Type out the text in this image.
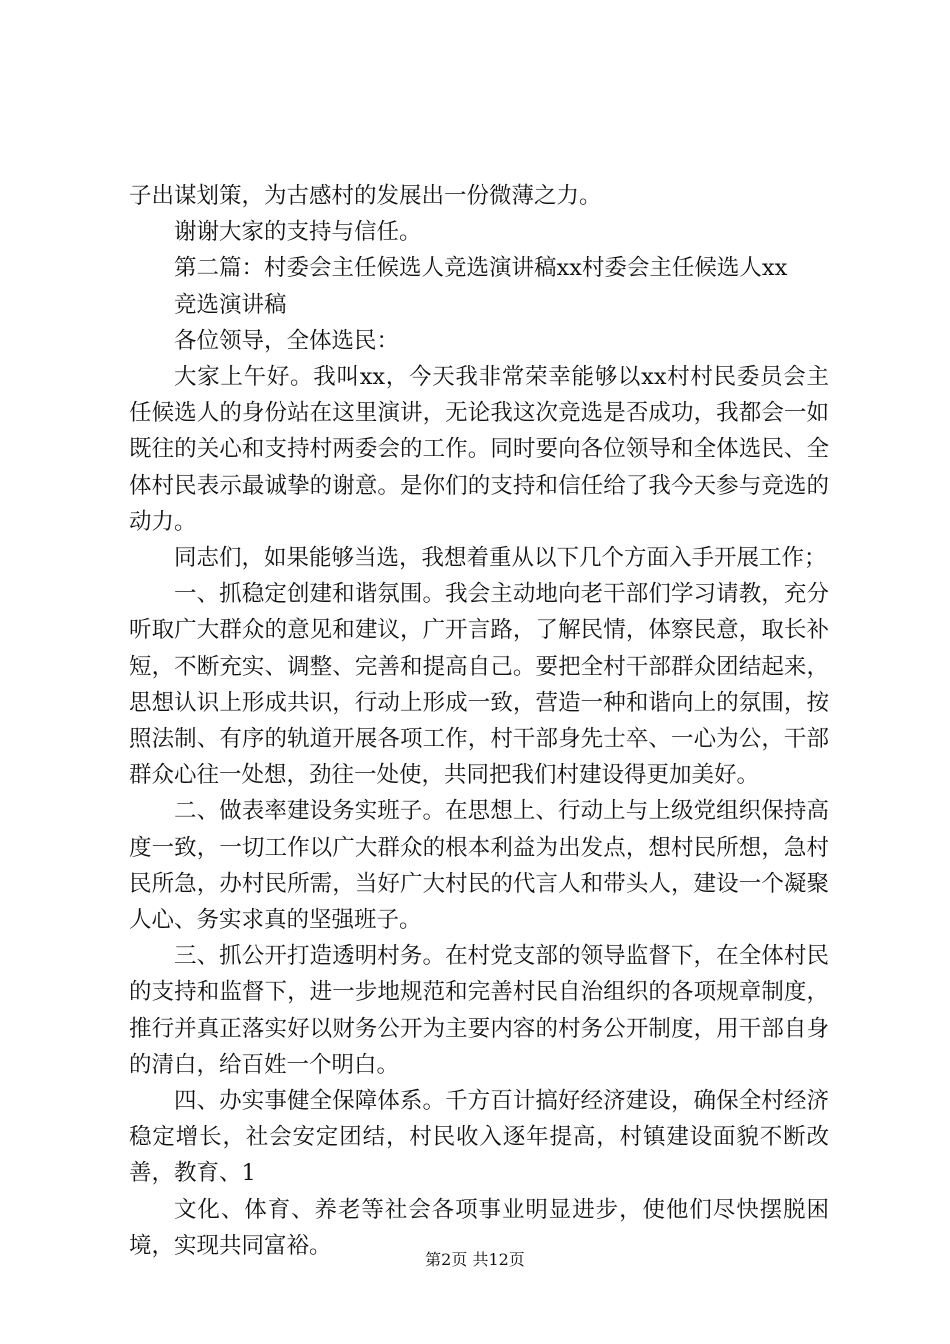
子出谋划策，为古感村的发展出一份微薄之力。

谢谢大家的支持与信任。

第二篇：村委会主任候选人竞选演讲稿xx村委会主任候选人xx

竞选演讲稿

各位领导，全体选民：

大家上午好。我叫xx，今天我非常荣幸能够以xx村村民委员会主任候选人的身份站在这里演讲，无论我这次竞选是否成功，我都会一如既往的关心和支持村两委会的工作。同时要向各位领导和全体选民、全体村民表示最诚挚的谢意。是你们的支持和信任给了我今天参与竞选的动力。

同志们，如果能够当选，我想着重从以下几个方面入手开展工作；

一、抓稳定创建和谐氛围。我会主动地向老干部们学习请教，充分听取广大群众的意见和建议，广开言路，了解民情，体察民意，取长补短，不断充实、调整、完善和提高自己。要把全村干部群众团结起来，思想认识上形成共识，行动上形成一致，营造一种和谐向上的氛围，按照法制、有序的轨道开展各项工作，村干部身先士卒、一心为公，干部群众心往一处想，劲往一处使，共同把我们村建设得更加美好。

二、做表率建设务实班子。在思想上、行动上与上级党组织保持高度一致，一切工作以广大群众的根本利益为出发点，想村民所想，急村民所急，办村民所需，当好广大村民的代言人和带头人，建设一个凝聚人心、务实求真的坚强班子。

三、抓公开打造透明村务。在村党支部的领导监督下，在全体村民的支持和监督下，进一步地规范和完善村民自治组织的各项规章制度，推行并真正落实好以财务公开为主要内容的村务公开制度，用干部自身的清白，给百姓一个明白。

四、办实事健全保障体系。千方百计搞好经济建设，确保全村经济稳定增长，社会安定团结，村民收入逐年提高，村镇建设面貌不断改善，教育、1

文化、体育、养老等社会各项事业明显进步，使他们尽快摆脱困境，实现共同富裕。

第2页 共12页
